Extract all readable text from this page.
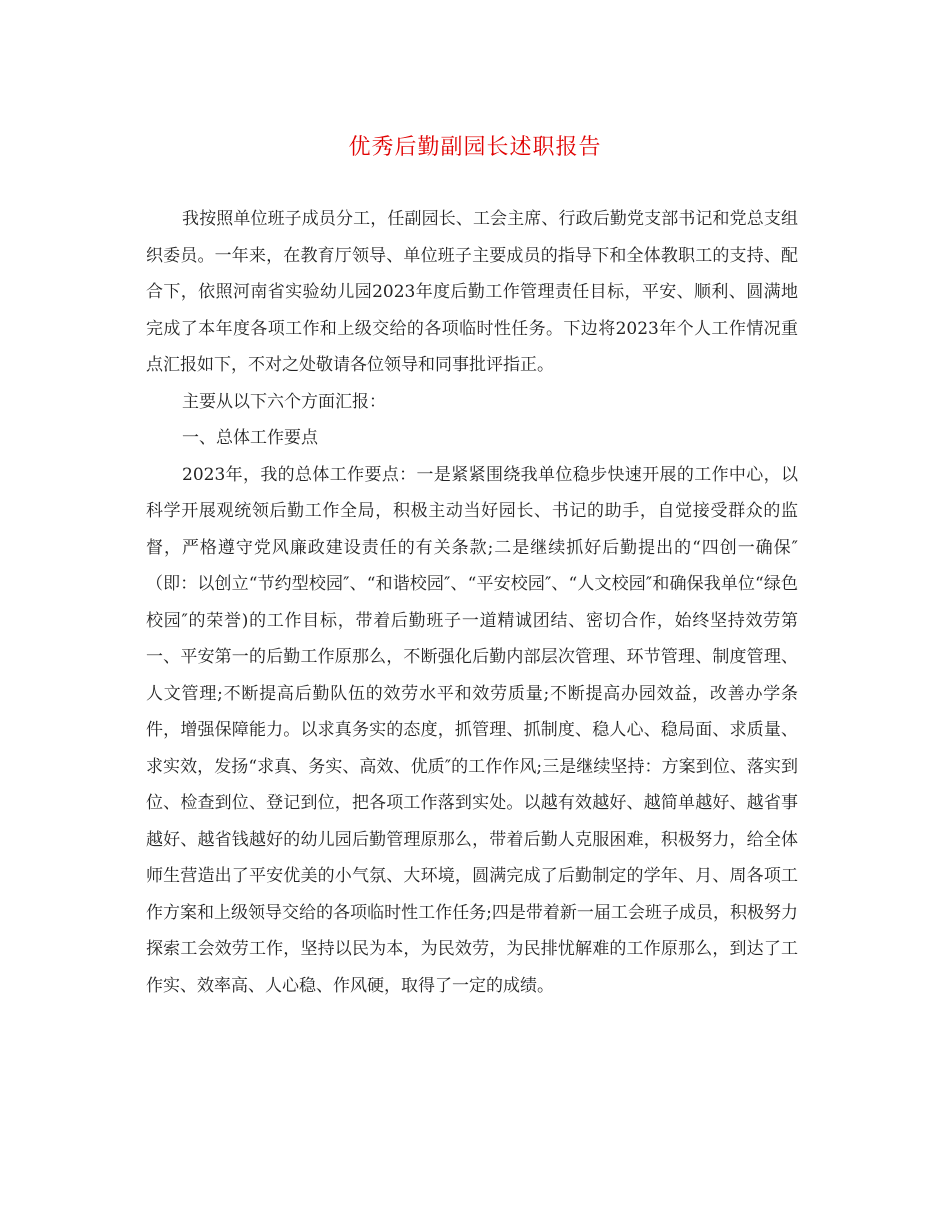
优秀后勤副园长述职报告

我按照单位班子成员分工，任副园长、工会主席、行政后勤党支部书记和党总支组织委员。一年来，在教育厅领导、单位班子主要成员的指导下和全体教职工的支持、配合下，依照河南省实验幼儿园2023年度后勤工作管理责任目标，平安、顺利、圆满地完成了本年度各项工作和上级交给的各项临时性任务。下边将2023年个人工作情况重点汇报如下，不对之处敬请各位领导和同事批评指正。

主要从以下六个方面汇报：

一、总体工作要点

2023年，我的总体工作要点：一是紧紧围绕我单位稳步快速开展的工作中心，以科学开展观统领后勤工作全局，积极主动当好园长、书记的助手，自觉接受群众的监督，严格遵守党风廉政建设责任的有关条款;二是继续抓好后勤提出的“四创一确保″（即：以创立“节约型校园″、“和谐校园″、“平安校园″、“人文校园″和确保我单位“绿色校园″的荣誉)的工作目标，带着后勤班子一道精诚团结、密切合作，始终坚持效劳第一、平安第一的后勤工作原那么，不断强化后勤内部层次管理、环节管理、制度管理、人文管理;不断提高后勤队伍的效劳水平和效劳质量;不断提高办园效益，改善办学条件，增强保障能力。以求真务实的态度，抓管理、抓制度、稳人心、稳局面、求质量、求实效，发扬“求真、务实、高效、优质″的工作作风;三是继续坚持：方案到位、落实到位、检查到位、登记到位，把各项工作落到实处。以越有效越好、越简单越好、越省事越好、越省钱越好的幼儿园后勤管理原那么，带着后勤人克服困难，积极努力，给全体师生营造出了平安优美的小气氛、大环境，圆满完成了后勤制定的学年、月、周各项工作方案和上级领导交给的各项临时性工作任务;四是带着新一届工会班子成员，积极努力探索工会效劳工作，坚持以民为本，为民效劳，为民排忧解难的工作原那么，到达了工作实、效率高、人心稳、作风硬，取得了一定的成绩。
